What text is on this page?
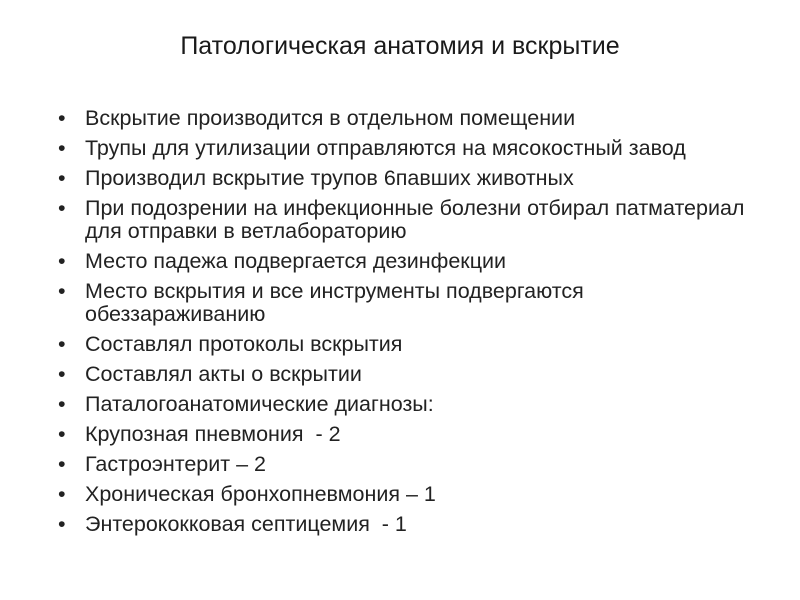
Патологическая анатомия и вскрытие
• Вскрытие производится в отдельном помещении
• Трупы для утилизации отправляются на мясокостный завод
• Производил вскрытие трупов 6павших животных
• При подозрении на инфекционные болезни отбирал патматериал для отправки в ветлабораторию
• Место падежа подвергается дезинфекции
• Место вскрытия и все инструменты подвергаются обеззараживанию
• Составлял протоколы вскрытия
• Составлял акты о вскрытии
• Паталогоанатомические диагнозы:
• Крупозная пневмония  - 2
• Гастроэнтерит – 2
• Хроническая бронхопневмония – 1
• Энтерококковая септицемия  - 1
